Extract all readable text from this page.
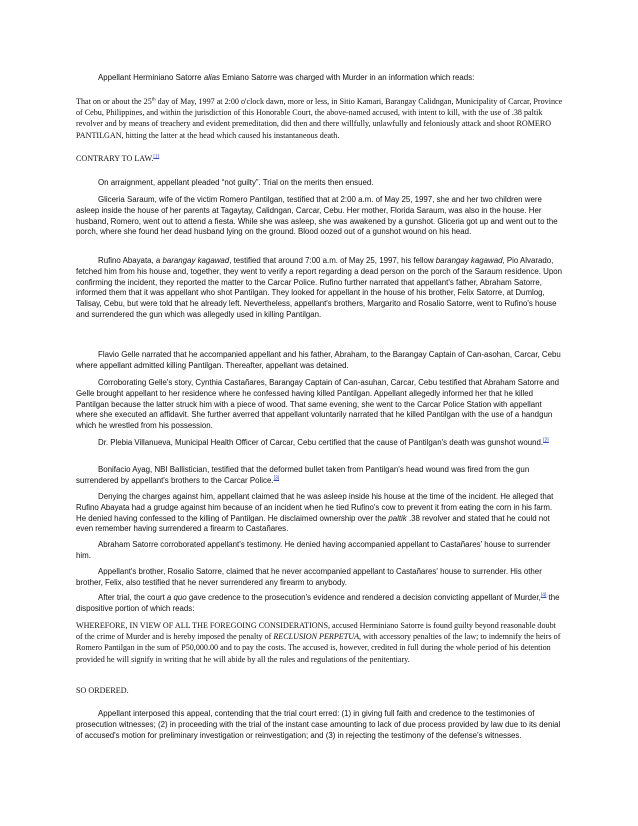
Appellant Herminiano Satorre alias Emiano Satorre was charged with Murder in an information which reads:

That on or about the 25th day of May, 1997 at 2:00 o'clock dawn, more or less, in Sitio Kamari, Barangay Calidngan, Municipality of Carcar, Province of Cebu, Philippines, and within the jurisdiction of this Honorable Court, the above-named accused, with intent to kill, with the use of .38 paltik revolver and by means of treachery and evident premeditation, did then and there willfully, unlawfully and feloniously attack and shoot ROMERO PANTILGAN, hitting the latter at the head which caused his instantaneous death.

CONTRARY TO LAW.[1]

On arraignment, appellant pleaded “not guilty”. Trial on the merits then ensued.

Gliceria Saraum, wife of the victim Romero Pantilgan, testified that at 2:00 a.m. of May 25, 1997, she and her two children were asleep inside the house of her parents at Tagaytay, Calidngan, Carcar, Cebu. Her mother, Florida Saraum, was also in the house. Her husband, Romero, went out to attend a fiesta. While she was asleep, she was awakened by a gunshot. Gliceria got up and went out to the porch, where she found her dead husband lying on the ground. Blood oozed out of a gunshot wound on his head.

Rufino Abayata, a barangay kagawad, testified that around 7:00 a.m. of May 25, 1997, his fellow barangay kagawad, Pio Alvarado, fetched him from his house and, together, they went to verify a report regarding a dead person on the porch of the Saraum residence. Upon confirming the incident, they reported the matter to the Carcar Police. Rufino further narrated that appellant's father, Abraham Satorre, informed them that it was appellant who shot Pantilgan. They looked for appellant in the house of his brother, Felix Satorre, at Dumlog, Talisay, Cebu, but were told that he already left. Nevertheless, appellant's brothers, Margarito and Rosalio Satorre, went to Rufino's house and surrendered the gun which was allegedly used in killing Pantilgan.

Flavio Gelle narrated that he accompanied appellant and his father, Abraham, to the Barangay Captain of Can-asohan, Carcar, Cebu where appellant admitted killing Pantilgan. Thereafter, appellant was detained.

Corroborating Gelle's story, Cynthia Castañares, Barangay Captain of Can-asuhan, Carcar, Cebu testified that Abraham Satorre and Gelle brought appellant to her residence where he confessed having killed Pantilgan. Appellant allegedly informed her that he killed Pantilgan because the latter struck him with a piece of wood. That same evening, she went to the Carcar Police Station with appellant where she executed an affidavit. She further averred that appellant voluntarily narrated that he killed Pantilgan with the use of a handgun which he wrestled from his possession.

Dr. Plebia Villanueva, Municipal Health Officer of Carcar, Cebu certified that the cause of Pantilgan's death was gunshot wound.[2]

Bonifacio Ayag, NBI Ballistician, testified that the deformed bullet taken from Pantilgan's head wound was fired from the gun surrendered by appellant's brothers to the Carcar Police.[3]

Denying the charges against him, appellant claimed that he was asleep inside his house at the time of the incident. He alleged that Rufino Abayata had a grudge against him because of an incident when he tied Rufino's cow to prevent it from eating the corn in his farm. He denied having confessed to the killing of Pantilgan. He disclaimed ownership over the paltik .38 revolver and stated that he could not even remember having surrendered a firearm to Castañares.

Abraham Satorre corroborated appellant's testimony. He denied having accompanied appellant to Castañares' house to surrender him.

Appellant's brother, Rosalio Satorre, claimed that he never accompanied appellant to Castañares' house to surrender. His other brother, Felix, also testified that he never surrendered any firearm to anybody.

After trial, the court a quo gave credence to the prosecution's evidence and rendered a decision convicting appellant of Murder,[4] the dispositive portion of which reads:

WHEREFORE, IN VIEW OF ALL THE FOREGOING CONSIDERATIONS, accused Herminiano Satorre is found guilty beyond reasonable doubt of the crime of Murder and is hereby imposed the penalty of RECLUSION PERPETUA, with accessory penalties of the law; to indemnify the heirs of Romero Pantilgan in the sum of P50,000.00 and to pay the costs. The accused is, however, credited in full during the whole period of his detention provided he will signify in writing that he will abide by all the rules and regulations of the penitentiary.

SO ORDERED.

Appellant interposed this appeal, contending that the trial court erred: (1) in giving full faith and credence to the testimonies of prosecution witnesses; (2) in proceeding with the trial of the instant case amounting to lack of due process provided by law due to its denial of accused's motion for preliminary investigation or reinvestigation; and (3) in rejecting the testimony of the defense's witnesses.
